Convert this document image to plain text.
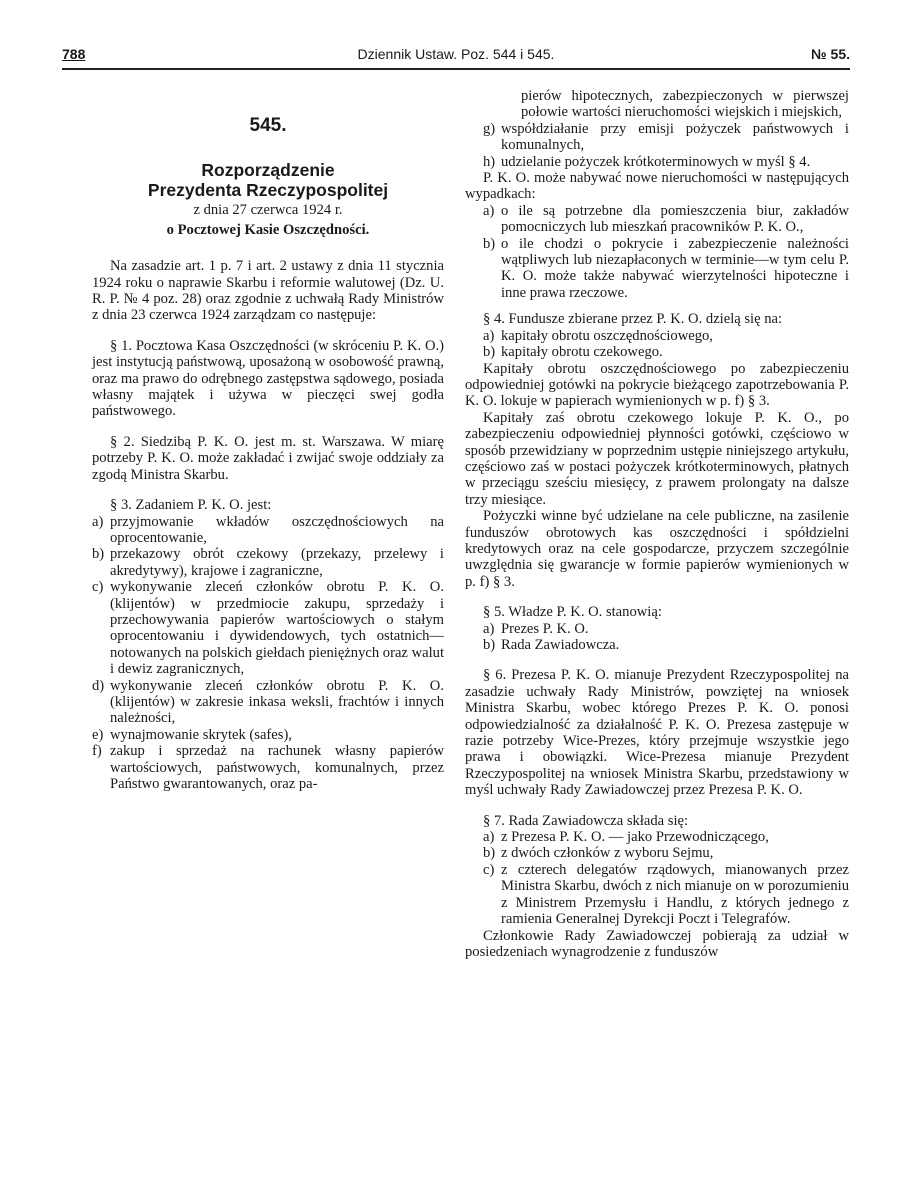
788	Dziennik Ustaw. Poz. 544 i 545.	№ 55.

545.

Rozporządzenie

Prezydenta Rzeczypospolitej

z dnia 27 czerwca 1924 r.

o Pocztowej Kasie Oszczędności.

Na zasadzie art. 1 p. 7 i art. 2 ustawy z dnia 11 stycznia 1924 roku o naprawie Skarbu i reformie walutowej (Dz. U. R. P. № 4 poz. 28) oraz zgodnie z uchwałą Rady Ministrów z dnia 23 czerwca 1924 zarządzam co następuje:

§ 1. Pocztowa Kasa Oszczędności (w skróceniu P. K. O.) jest instytucją państwową, uposażoną w osobowość prawną, oraz ma prawo do odrębnego zastępstwa sądowego, posiada własny majątek i używa w pieczęci swej godła państwowego.

§ 2. Siedzibą P. K. O. jest m. st. Warszawa. W miarę potrzeby P. K. O. może zakładać i zwijać swoje oddziały za zgodą Ministra Skarbu.

§ 3. Zadaniem P. K. O. jest:

a) przyjmowanie wkładów oszczędnościowych na oprocentowanie,
b) przekazowy obrót czekowy (przekazy, przelewy i akredytywy), krajowe i zagraniczne,
c) wykonywanie zleceń członków obrotu P. K. O. (klijentów) w przedmiocie zakupu, sprzedaży i przechowywania papierów wartościowych o stałym oprocentowaniu i dywidendowych, tych ostatnich—notowanych na polskich giełdach pieniężnych oraz walut i dewiz zagranicznych,
d) wykonywanie zleceń członków obrotu P. K. O. (klijentów) w zakresie inkasa weksli, frachtów i innych należności,
e) wynajmowanie skrytek (safes),
f) zakup i sprzedaż na rachunek własny papierów wartościowych, państwowych, komunalnych, przez Państwo gwarantowanych, oraz pa-

pierów hipotecznych, zabezpieczonych w pierwszej połowie wartości nieruchomości wiejskich i miejskich,

g) współdziałanie przy emisji pożyczek państwowych i komunalnych,
h) udzielanie pożyczek krótkoterminowych w myśl § 4.

P. K. O. może nabywać nowe nieruchomości w następujących wypadkach:

a) o ile są potrzebne dla pomieszczenia biur, zakładów pomocniczych lub mieszkań pracowników P. K. O.,
b) o ile chodzi o pokrycie i zabezpieczenie należności wątpliwych lub niezapłaconych w terminie—w tym celu P. K. O. może także nabywać wierzytelności hipoteczne i inne prawa rzeczowe.

§ 4. Fundusze zbierane przez P. K. O. dzielą się na:

a) kapitały obrotu oszczędnościowego,
b) kapitały obrotu czekowego.

Kapitały obrotu oszczędnościowego po zabezpieczeniu odpowiedniej gotówki na pokrycie bieżącego zapotrzebowania P. K. O. lokuje w papierach wymienionych w p. f) § 3.

Kapitały zaś obrotu czekowego lokuje P. K. O., po zabezpieczeniu odpowiedniej płynności gotówki, częściowo w sposób przewidziany w poprzednim ustępie niniejszego artykułu, częściowo zaś w postaci pożyczek krótkoterminowych, płatnych w przeciągu sześciu miesięcy, z prawem prolongaty na dalsze trzy miesiące.

Pożyczki winne być udzielane na cele publiczne, na zasilenie funduszów obrotowych kas oszczędności i spółdzielni kredytowych oraz na cele gospodarcze, przyczem szczególnie uwzględnia się gwarancje w formie papierów wymienionych w p. f) § 3.

§ 5. Władze P. K. O. stanowią:

a) Prezes P. K. O.
b) Rada Zawiadowcza.

§ 6. Prezesa P. K. O. mianuje Prezydent Rzeczypospolitej na zasadzie uchwały Rady Ministrów, powziętej na wniosek Ministra Skarbu, wobec którego Prezes P. K. O. ponosi odpowiedzialność za działalność P. K. O. Prezesa zastępuje w razie potrzeby Wice-Prezes, który przejmuje wszystkie jego prawa i obowiązki. Wice-Prezesa mianuje Prezydent Rzeczypospolitej na wniosek Ministra Skarbu, przedstawiony w myśl uchwały Rady Zawiadowczej przez Prezesa P. K. O.

§ 7. Rada Zawiadowcza składa się:

a) z Prezesa P. K. O. — jako Przewodniczącego,
b) z dwóch członków z wyboru Sejmu,
c) z czterech delegatów rządowych, mianowanych przez Ministra Skarbu, dwóch z nich mianuje on w porozumieniu z Ministrem Przemysłu i Handlu, z których jednego z ramienia Generalnej Dyrekcji Poczt i Telegrafów.

Członkowie Rady Zawiadowczej pobierają za udział w posiedzeniach wynagrodzenie z funduszów
